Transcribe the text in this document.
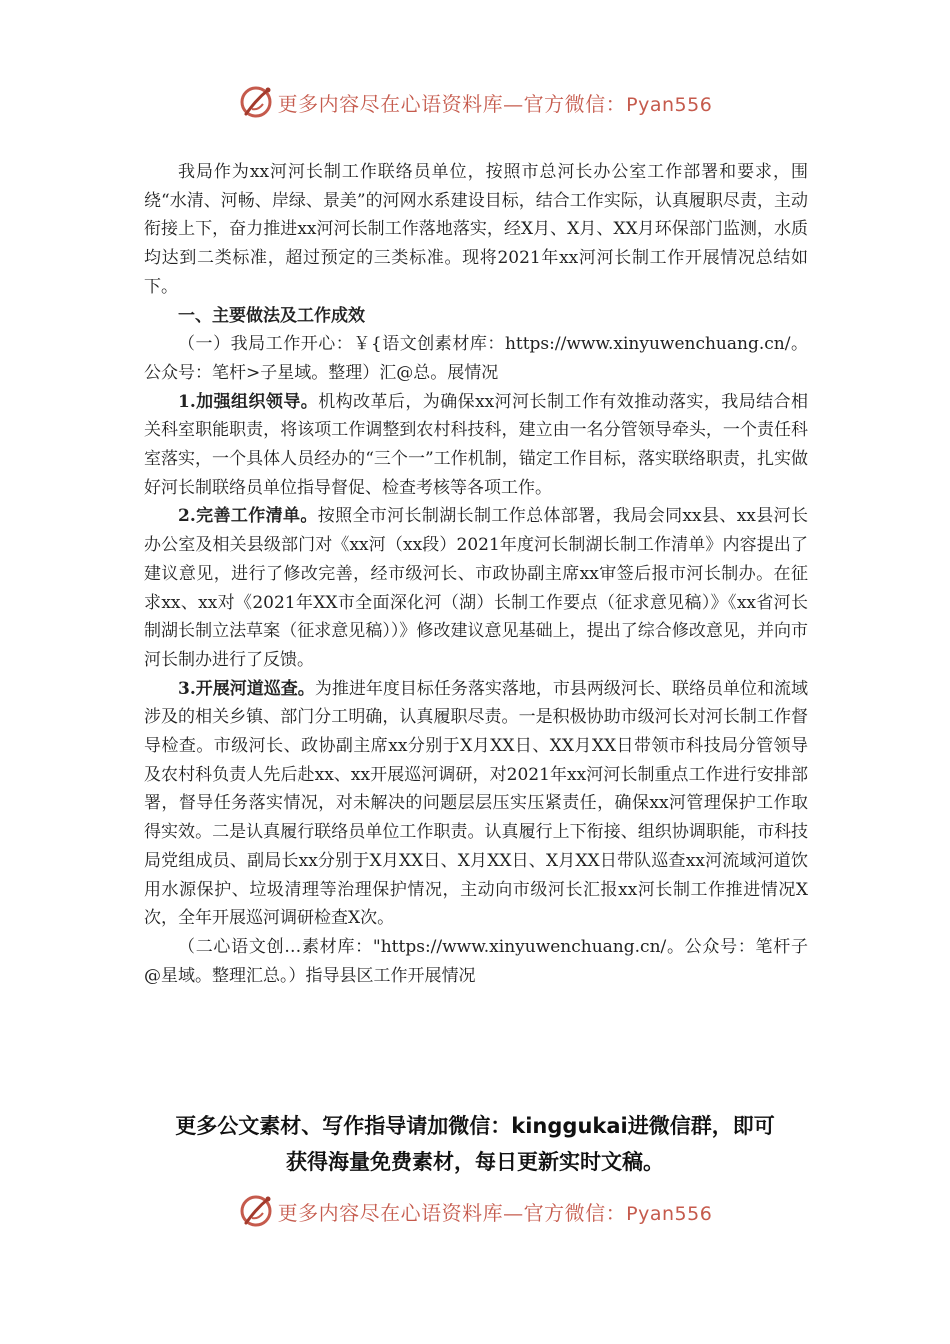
更多内容尽在心语资料库—官方微信：Pyan556

我局作为xx河河长制工作联络员单位，按照市总河长办公室工作部署和要求，围绕“水清、河畅、岸绿、景美”的河网水系建设目标，结合工作实际，认真履职尽责，主动衔接上下，奋力推进xx河河长制工作落地落实，经X月、X月、XX月环保部门监测，水质均达到二类标准，超过预定的三类标准。现将2021年xx河河长制工作开展情况总结如下。

一、主要做法及工作成效

（一）我局工作开心：￥{语文创素材库：https://www.xinyuwenchuang.cn/。公众号：笔杆>子星域。整理）汇@总。展情况

1.加强组织领导。机构改革后，为确保xx河河长制工作有效推动落实，我局结合相关科室职能职责，将该项工作调整到农村科技科，建立由一名分管领导牵头，一个责任科室落实，一个具体人员经办的“三个一”工作机制，锚定工作目标，落实联络职责，扎实做好河长制联络员单位指导督促、检查考核等各项工作。

2.完善工作清单。按照全市河长制湖长制工作总体部署，我局会同xx县、xx县河长办公室及相关县级部门对《xx河（xx段）2021年度河长制湖长制工作清单》内容提出了建议意见，进行了修改完善，经市级河长、市政协副主席xx审签后报市河长制办。在征求xx、xx对《2021年XX市全面深化河（湖）长制工作要点（征求意见稿）》《xx省河长制湖长制立法草案（征求意见稿））》修改建议意见基础上，提出了综合修改意见，并向市河长制办进行了反馈。

3.开展河道巡查。为推进年度目标任务落实落地，市县两级河长、联络员单位和流域涉及的相关乡镇、部门分工明确，认真履职尽责。一是积极协助市级河长对河长制工作督导检查。市级河长、政协副主席xx分别于X月XX日、XX月XX日带领市科技局分管领导及农村科负责人先后赴xx、xx开展巡河调研，对2021年xx河河长制重点工作进行安排部署，督导任务落实情况，对未解决的问题层层压实压紧责任，确保xx河管理保护工作取得实效。二是认真履行联络员单位工作职责。认真履行上下衔接、组织协调职能，市科技局党组成员、副局长xx分别于X月XX日、X月XX日、X月XX日带队巡查xx河流域河道饮用水源保护、垃圾清理等治理保护情况，主动向市级河长汇报xx河长制工作推进情况X次，全年开展巡河调研检查X次。

（二心语文创…素材库："https://www.xinyuwenchuang.cn/。公众号：笔杆子@星域。整理汇总。）指导县区工作开展情况

更多公文素材、写作指导请加微信：kinggukai进微信群，即可
获得海量免费素材，每日更新实时文稿。
更多内容尽在心语资料库—官方微信：Pyan556
